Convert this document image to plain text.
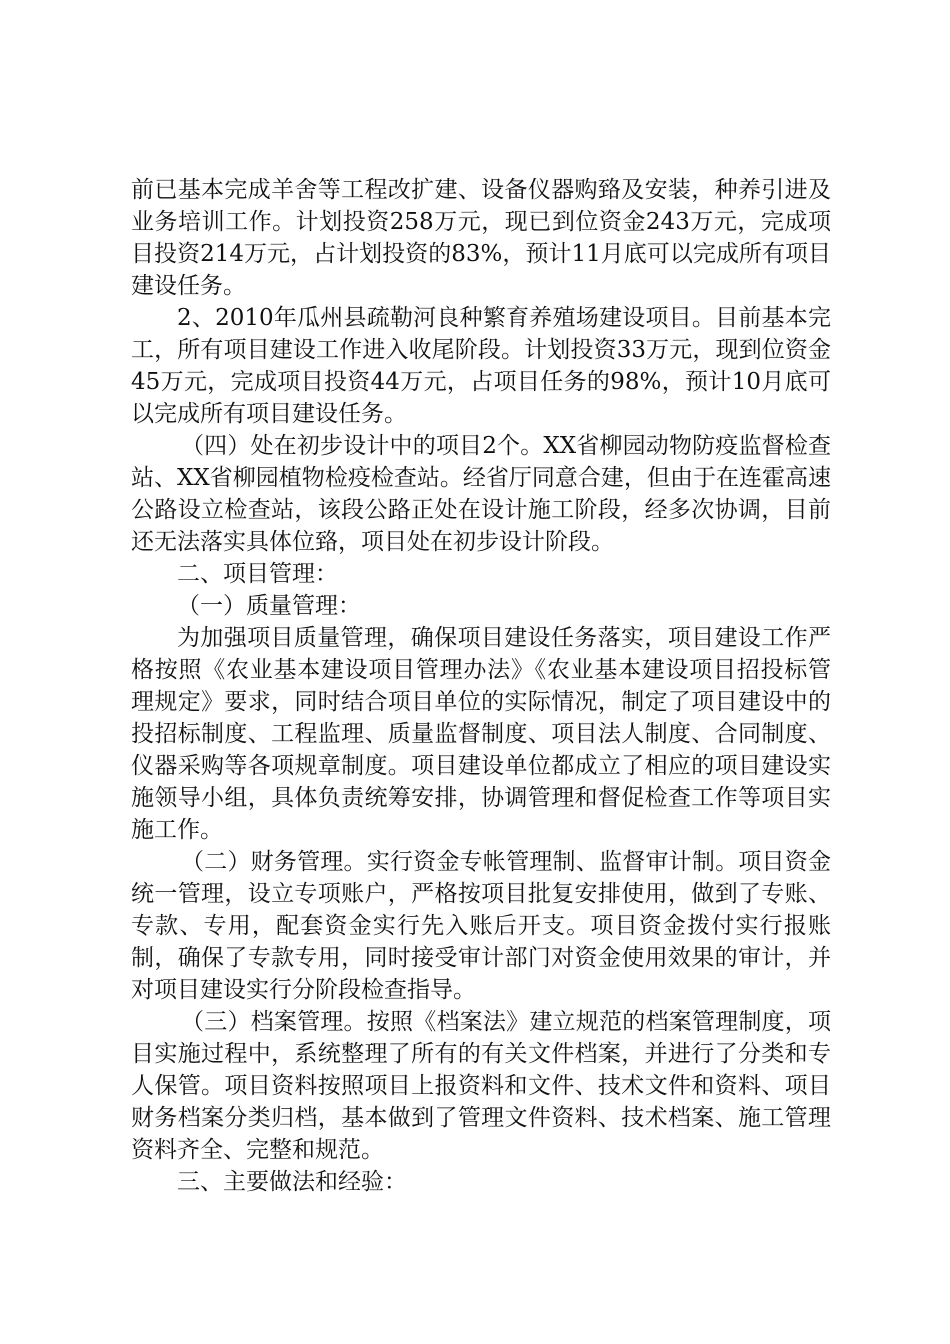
前已基本完成羊舍等工程改扩建、设备仪器购臵及安装，种养引进及业务培训工作。计划投资258万元，现已到位资金243万元，完成项目投资214万元，占计划投资的83%，预计11月底可以完成所有项目建设任务。

2、2010年瓜州县疏勒河良种繁育养殖场建设项目。目前基本完工，所有项目建设工作进入收尾阶段。计划投资33万元，现到位资金45万元，完成项目投资44万元，占项目任务的98%，预计10月底可以完成所有项目建设任务。

（四）处在初步设计中的项目2个。XX省柳园动物防疫监督检查站、XX省柳园植物检疫检查站。经省厅同意合建，但由于在连霍高速公路设立检查站，该段公路正处在设计施工阶段，经多次协调，目前还无法落实具体位臵，项目处在初步设计阶段。

二、项目管理：

（一）质量管理：

为加强项目质量管理，确保项目建设任务落实，项目建设工作严格按照《农业基本建设项目管理办法》《农业基本建设项目招投标管理规定》要求，同时结合项目单位的实际情况，制定了项目建设中的投招标制度、工程监理、质量监督制度、项目法人制度、合同制度、仪器采购等各项规章制度。项目建设单位都成立了相应的项目建设实施领导小组，具体负责统筹安排，协调管理和督促检查工作等项目实施工作。

（二）财务管理。实行资金专帐管理制、监督审计制。项目资金统一管理，设立专项账户，严格按项目批复安排使用，做到了专账、专款、专用，配套资金实行先入账后开支。项目资金拨付实行报账制，确保了专款专用，同时接受审计部门对资金使用效果的审计，并对项目建设实行分阶段检查指导。

（三）档案管理。按照《档案法》建立规范的档案管理制度，项目实施过程中，系统整理了所有的有关文件档案，并进行了分类和专人保管。项目资料按照项目上报资料和文件、技术文件和资料、项目财务档案分类归档，基本做到了管理文件资料、技术档案、施工管理资料齐全、完整和规范。

三、主要做法和经验：
